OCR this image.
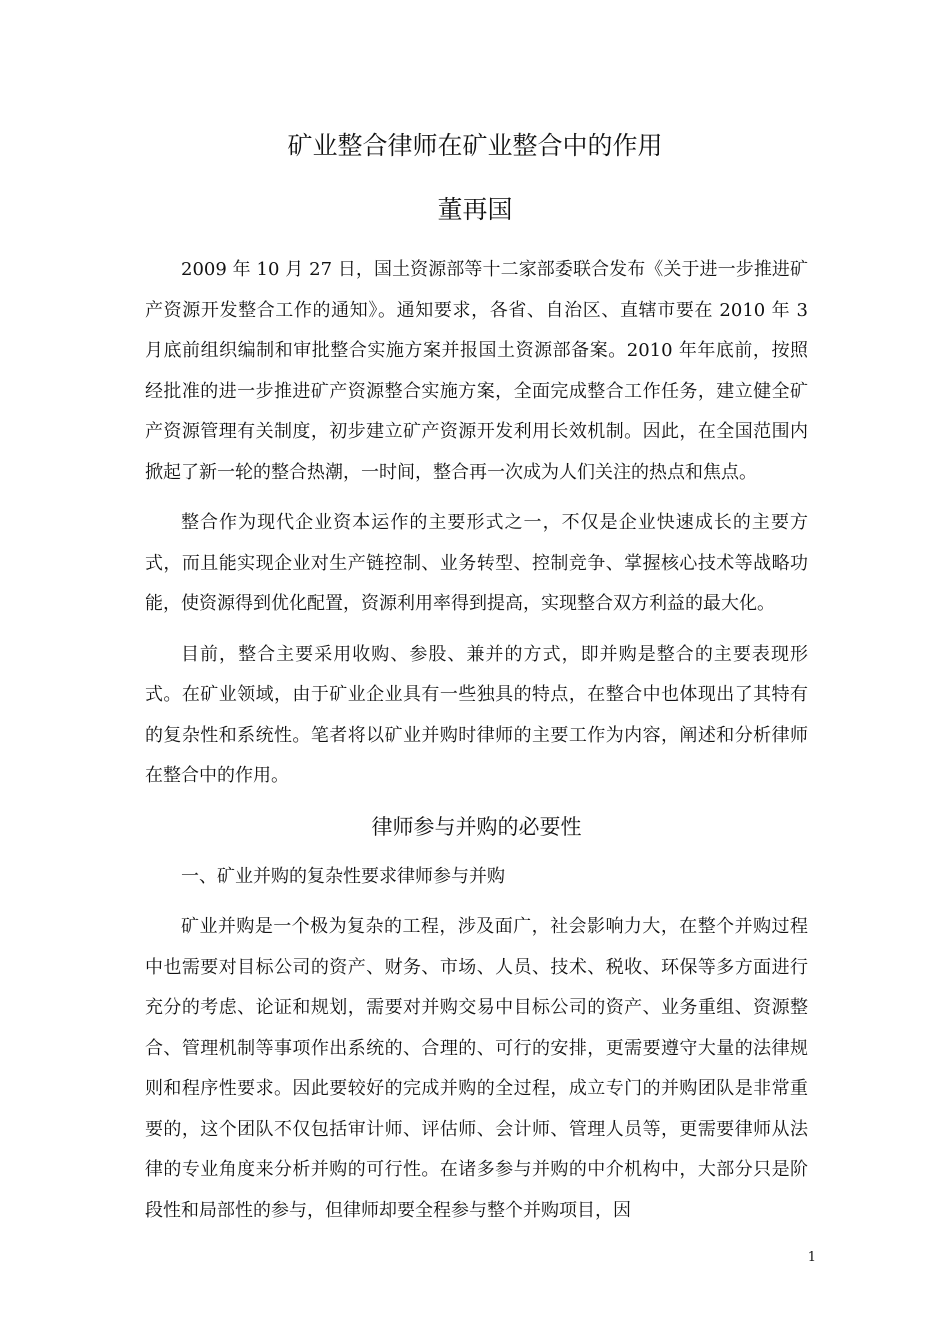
矿业整合律师在矿业整合中的作用
董再国

2009 年 10 月 27 日，国土资源部等十二家部委联合发布《关于进一步推进矿产资源开发整合工作的通知》。通知要求，各省、自治区、直辖市要在 2010 年 3 月底前组织编制和审批整合实施方案并报国土资源部备案。2010 年年底前，按照经批准的进一步推进矿产资源整合实施方案，全面完成整合工作任务，建立健全矿产资源管理有关制度，初步建立矿产资源开发利用长效机制。因此，在全国范围内掀起了新一轮的整合热潮，一时间，整合再一次成为人们关注的热点和焦点。

整合作为现代企业资本运作的主要形式之一，不仅是企业快速成长的主要方式，而且能实现企业对生产链控制、业务转型、控制竞争、掌握核心技术等战略功能，使资源得到优化配置，资源利用率得到提高，实现整合双方利益的最大化。

目前，整合主要采用收购、参股、兼并的方式，即并购是整合的主要表现形式。在矿业领域，由于矿业企业具有一些独具的特点，在整合中也体现出了其特有的复杂性和系统性。笔者将以矿业并购时律师的主要工作为内容，阐述和分析律师在整合中的作用。

律师参与并购的必要性

一、矿业并购的复杂性要求律师参与并购

矿业并购是一个极为复杂的工程，涉及面广，社会影响力大，在整个并购过程中也需要对目标公司的资产、财务、市场、人员、技术、税收、环保等多方面进行充分的考虑、论证和规划，需要对并购交易中目标公司的资产、业务重组、资源整合、管理机制等事项作出系统的、合理的、可行的安排，更需要遵守大量的法律规则和程序性要求。因此要较好的完成并购的全过程，成立专门的并购团队是非常重要的，这个团队不仅包括审计师、评估师、会计师、管理人员等，更需要律师从法律的专业角度来分析并购的可行性。在诸多参与并购的中介机构中，大部分只是阶段性和局部性的参与，但律师却要全程参与整个并购项目，因

1
